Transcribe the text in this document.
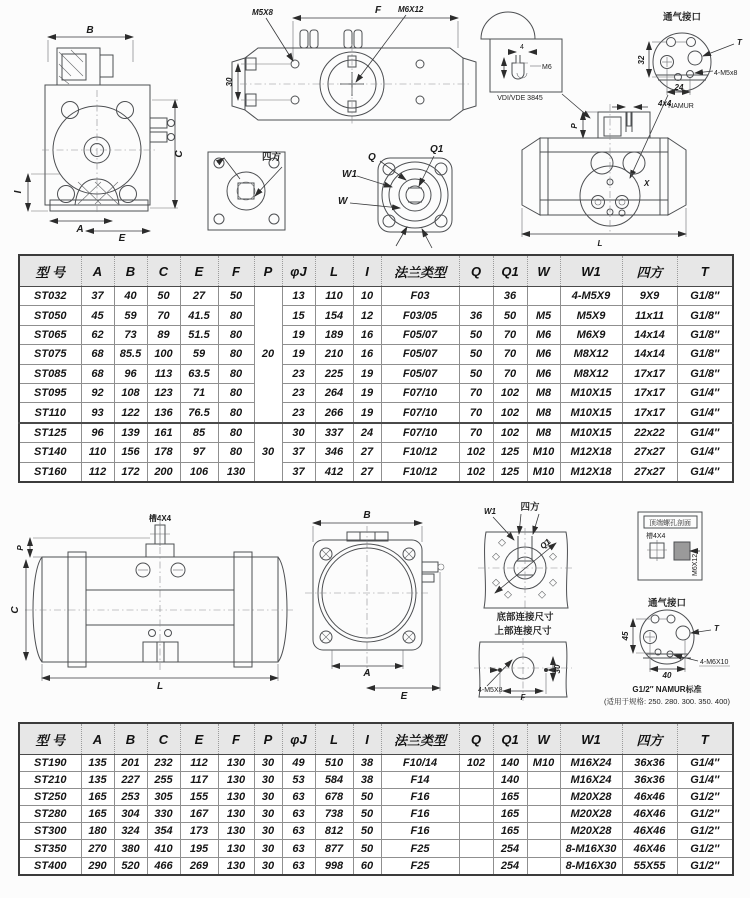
B
C
I
A
E
F
M5X8	M6X12
30
四方	Q
Q1
W1
W
4
M6
VDI/VDE 3845
通气接口
32
24
T
4-M5x8
NAMUR
4x4
P
X
L
型 号	A	B	C	E	F	P	φJ	L	I	法兰类型	Q	Q1	W	W1	四方	T
ST032	37	40	50	27	50	20	13	110	10	F03		36		4-M5X9	9X9	G1/8″
ST050	45	59	70	41.5	80		15	154	12	F03/05	36	50	M5	M5X9	11x11	G1/8″
ST065	62	73	89	51.5	80		19	189	16	F05/07	50	70	M6	M6X9	14x14	G1/8″
ST075	68	85.5	100	59	80		19	210	16	F05/07	50	70	M6	M8X12	14x14	G1/8″
ST085	68	96	113	63.5	80		23	225	19	F05/07	50	70	M6	M8X12	17x17	G1/8″
ST095	92	108	123	71	80		23	264	19	F07/10	70	102	M8	M10X15	17x17	G1/4″
ST110	93	122	136	76.5	80		23	266	19	F07/10	70	102	M8	M10X15	17x17	G1/4″
ST125	96	139	161	85	80	30	30	337	24	F07/10	70	102	M8	M10X15	22x22	G1/4″
ST140	110	156	178	97	80		37	346	27	F10/12	102	125	M10	M12X18	27x27	G1/4″
ST160	112	172	200	106	130		37	412	27	F10/12	102	125	M10	M12X18	27x27	G1/4″
槽4X4
P
C
L
B
A
E
Q1
W1	四方
底部连接尺寸
上部连接尺寸
4-M5X8
F
30
顶端螺孔剖面
槽4X4
M6X12
通气接口
45
T
4-M6X10
40
G1/2″ NAMUR标准
(适用于规格: 250. 280. 300. 350. 400)
型 号	A	B	C	E	F	P	φJ	L	I	法兰类型	Q	Q1	W	W1	四方	T
ST190	135	201	232	112	130	30	49	510	38	F10/14	102	140	M10	M16X24	36x36	G1/4″
ST210	135	227	255	117	130	30	53	584	38	F14		140		M16X24	36x36	G1/4″
ST250	165	253	305	155	130	30	63	678	50	F16		165		M20X28	46x46	G1/2″
ST280	165	304	330	167	130	30	63	738	50	F16		165		M20X28	46X46	G1/2″
ST300	180	324	354	173	130	30	63	812	50	F16		165		M20X28	46X46	G1/2″
ST350	270	380	410	195	130	30	63	877	50	F25		254		8-M16X30	46X46	G1/2″
ST400	290	520	466	269	130	30	63	998	60	F25		254		8-M16X30	55X55	G1/2″
